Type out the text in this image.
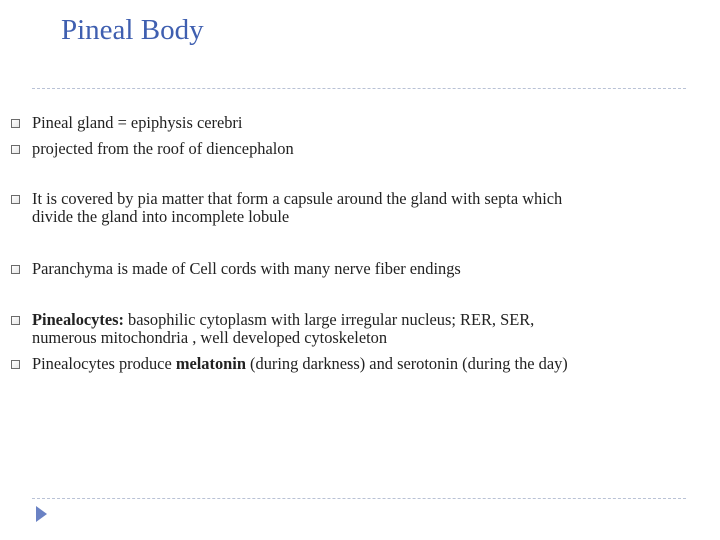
Pineal Body
Pineal gland = epiphysis cerebri
projected from the roof of diencephalon
It is covered by pia matter that form a capsule around the gland with septa which
divide the gland into incomplete lobule
Paranchyma is made of Cell cords with many nerve fiber endings
Pinealocytes: basophilic cytoplasm with large irregular nucleus; RER, SER,
numerous mitochondria , well developed cytoskeleton
Pinealocytes produce melatonin (during darkness) and serotonin (during the day)
